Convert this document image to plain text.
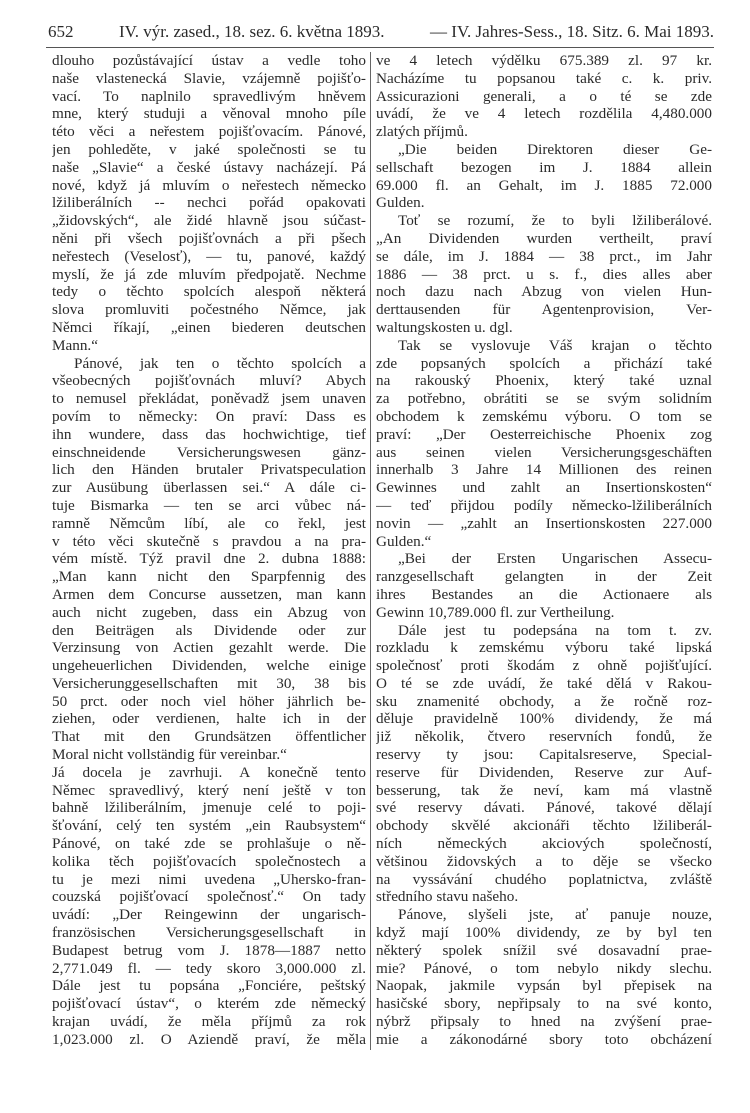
652	IV. výr. zased., 18. sez. 6. května 1893.	— IV. Jahres-Sess., 18. Sitz. 6. Mai 1893.
dlouho pozůstávající ústav a vedle toho
naše vlastenecká Slavie, vzájemně pojišťo-
vací. To naplnilo spravedlivým hněvem
mne, který studuji a věnoval mnoho píle
této věci a neřestem pojišťovacím. Pánové,
jen pohleděte, v jaké společnosti se tu
naše „Slavie“ a české ústavy nacházejí. Pá
nové, když já mluvím o neřestech německo
lžiliberálních -- nechci pořád opakovati
„židovských“, ale židé hlavně jsou súčast-
něni při všech pojišťovnách a při pšech
neřestech (Veselosť), — tu, panové, každý
myslí, že já zde mluvím předpojatě. Nechme
tedy o těchto spolcích alespoň některá
slova promluviti počestného Němce, jak
Němci říkají, „einen biederen deutschen
Mann.“
Pánové, jak ten o těchto spolcích a
všeobecných pojišťovnách mluví? Abych
to nemusel překládat, poněvadž jsem unaven
povím to německy: On praví: Dass es
ihn wundere, dass das hochwichtige, tief
einschneidende Versicherungswesen gänz-
lich den Händen brutaler Privatspeculation
zur Ausübung überlassen sei.“ A dále ci-
tuje Bismarka — ten se arci vůbec ná-
ramně Němcům líbí, ale co řekl, jest
v této věci skutečně s pravdou a na pra-
vém místě. Týž pravil dne 2. dubna 1888:
„Man kann nicht den Sparpfennig des
Armen dem Concurse aussetzen, man kann
auch nicht zugeben, dass ein Abzug von
den Beiträgen als Dividende oder zur
Verzinsung von Actien gezahlt werde. Die
ungeheuerlichen Dividenden, welche einige
Versicherunggesellschaften mit 30, 38 bis
50 prct. oder noch viel höher jährlich be-
ziehen, oder verdienen, halte ich in der
That mit den Grundsätzen öffentlicher
Moral nicht vollständig für vereinbar.“
Já docela je zavrhuji. A konečně tento
Němec spravedlivý, který není ještě v ton
bahně lžiliberálním, jmenuje celé to poji-
šťování, celý ten systém „ein Raubsystem“
Pánové, on také zde se prohlašuje o ně-
kolika těch pojišťovacích společnostech a
tu je mezi nimi uvedena „Uhersko-fran-
couzská pojišťovací společnosť.“ On tady
uvádí: „Der Reingewinn der ungarisch-
französischen Versicherungsgesellschaft in
Budapest betrug vom J. 1878—1887 netto
2,771.049 fl. — tedy skoro 3,000.000 zl.
Dále jest tu popsána „Fonciére, peštský
pojišťovací ústav“, o kterém zde německý
krajan uvádí, že měla příjmů za rok
1,023.000 zl. O Aziendě praví, že měla
ve 4 letech výdělku 675.389 zl. 97 kr.
Nacházíme tu popsanou také c. k. priv.
Assicurazioni generali, a o té se zde
uvádí, že ve 4 letech rozdělila 4,480.000
zlatých příjmů.
„Die beiden Direktoren dieser Ge-
sellschaft bezogen im J. 1884 allein
69.000 fl. an Gehalt, im J. 1885 72.000
Gulden.
Toť se rozumí, že to byli lžiliberálové.
„An Dividenden wurden vertheilt, praví
se dále, im J. 1884 — 38 prct., im Jahr
1886 — 38 prct. u s. f., dies alles aber
noch dazu nach Abzug von vielen Hun-
derttausenden für Agentenprovision, Ver-
waltungskosten u. dgl.
Tak se vyslovuje Váš krajan o těchto
zde popsaných spolcích a přichází také
na rakouský Phoenix, který také uznal
za potřebno, obrátiti se se svým solidním
obchodem k zemskému výboru. O tom se
praví: „Der Oesterreichische Phoenix zog
aus seinen vielen Versicherungsgeschäften
innerhalb 3 Jahre 14 Millionen des reinen
Gewinnes und zahlt an Insertionskosten“
— teď přijdou podíly německo-lžiliberálních
novin — „zahlt an Insertionskosten 227.000
Gulden.“
„Bei der Ersten Ungarischen Assecu-
ranzgesellschaft gelangten in der Zeit
ihres Bestandes an die Actionaere als
Gewinn 10,789.000 fl. zur Vertheilung.
Dále jest tu podepsána na tom t. zv.
rozkladu k zemskému výboru také lipská
společnosť proti škodám z ohně pojišťující.
O té se zde uvádí, že také dělá v Rakou-
sku znamenité obchody, a že ročně roz-
děluje pravidelně 100% dividendy, že má
již několik, čtvero reservních fondů, že
reservy ty jsou: Capitalsreserve, Special-
reserve für Dividenden, Reserve zur Auf-
besserung, tak že neví, kam má vlastně
své reservy dávati. Pánové, takové dělají
obchody skvělé akcionáři těchto lžiliberál-
ních německých akciových společností,
většinou židovských a to děje se všecko
na vyssávání chudého poplatnictva, zvláště
středního stavu našeho.
Pánove, slyšeli jste, ať panuje nouze,
když mají 100% dividendy, ze by byl ten
některý spolek snížil své dosavadní prae-
mie? Pánové, o tom nebylo nikdy slechu.
Naopak, jakmile vypsán byl přepisek na
hasičské sbory, nepřipsaly to na své konto,
nýbrž připsaly to hned na zvýšení prae-
mie a zákonodárné sbory toto obcházení
